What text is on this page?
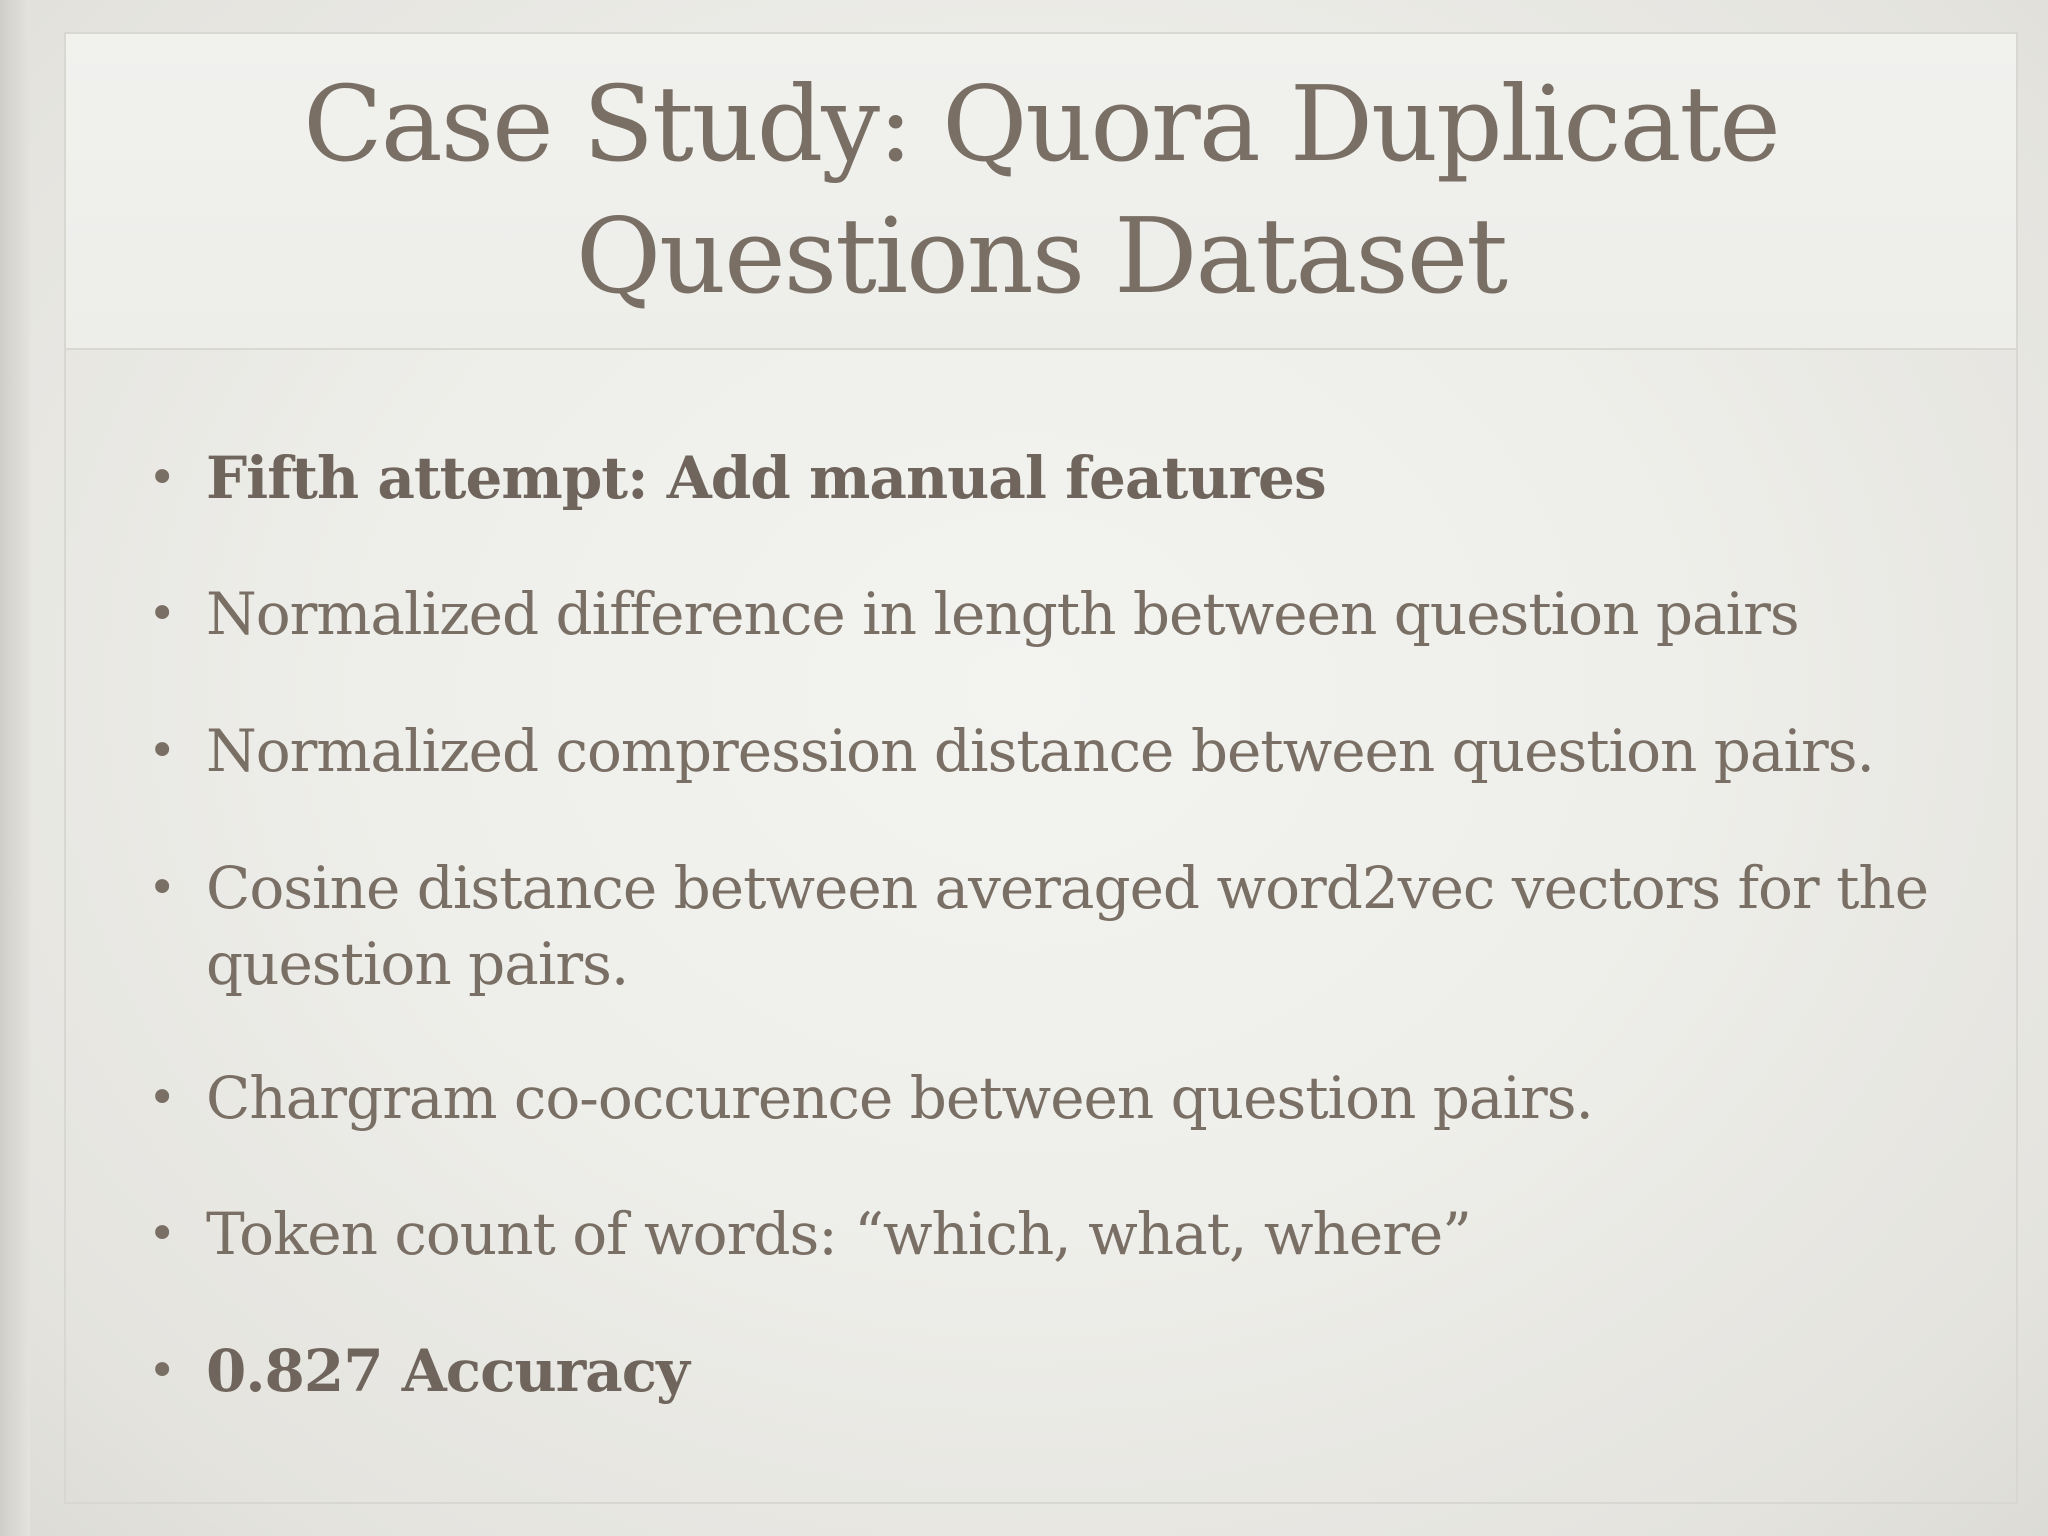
Case Study: Quora Duplicate Questions Dataset
• Fifth attempt: Add manual features
• Normalized difference in length between question pairs
• Normalized compression distance between question pairs.
• Cosine distance between averaged word2vec vectors for the question pairs.
• Chargram co-occurence between question pairs.
• Token count of words: “which, what, where”
• 0.827 Accuracy
